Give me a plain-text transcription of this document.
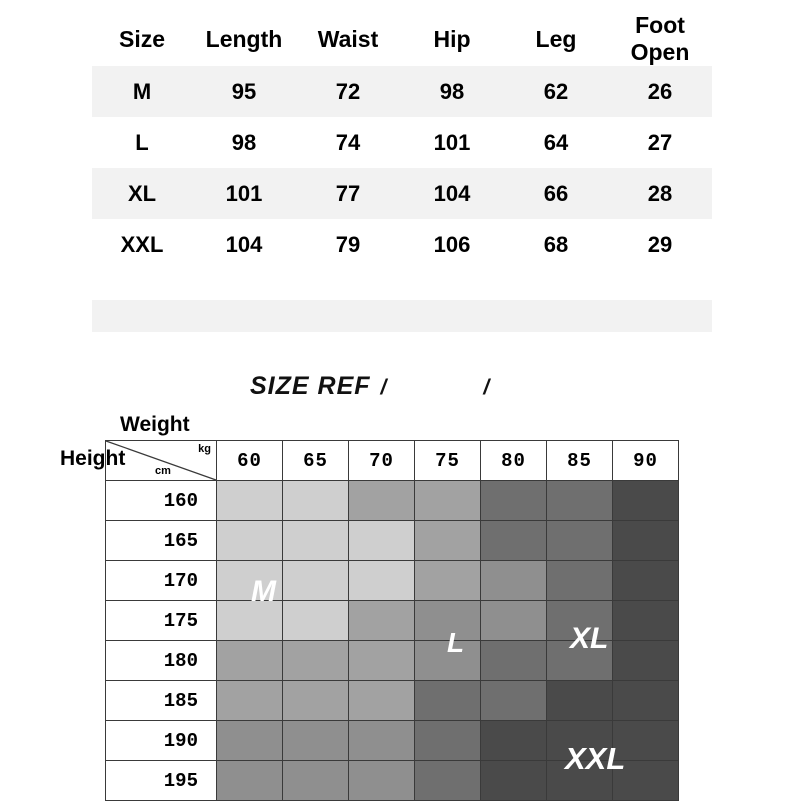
Size	Length	Waist	Hip	Leg	Foot Open
M	95	72	98	62	26
L	98	74	101	64	27
XL	101	77	104	66	28
XXL	104	79	106	68	29
SIZE REF /	/
Weight
Height kg
cm	60	65	70	75	80	85	90
160							
165							
170							
175							
180							
185							
190							
195							
M
L	XL
XXL
